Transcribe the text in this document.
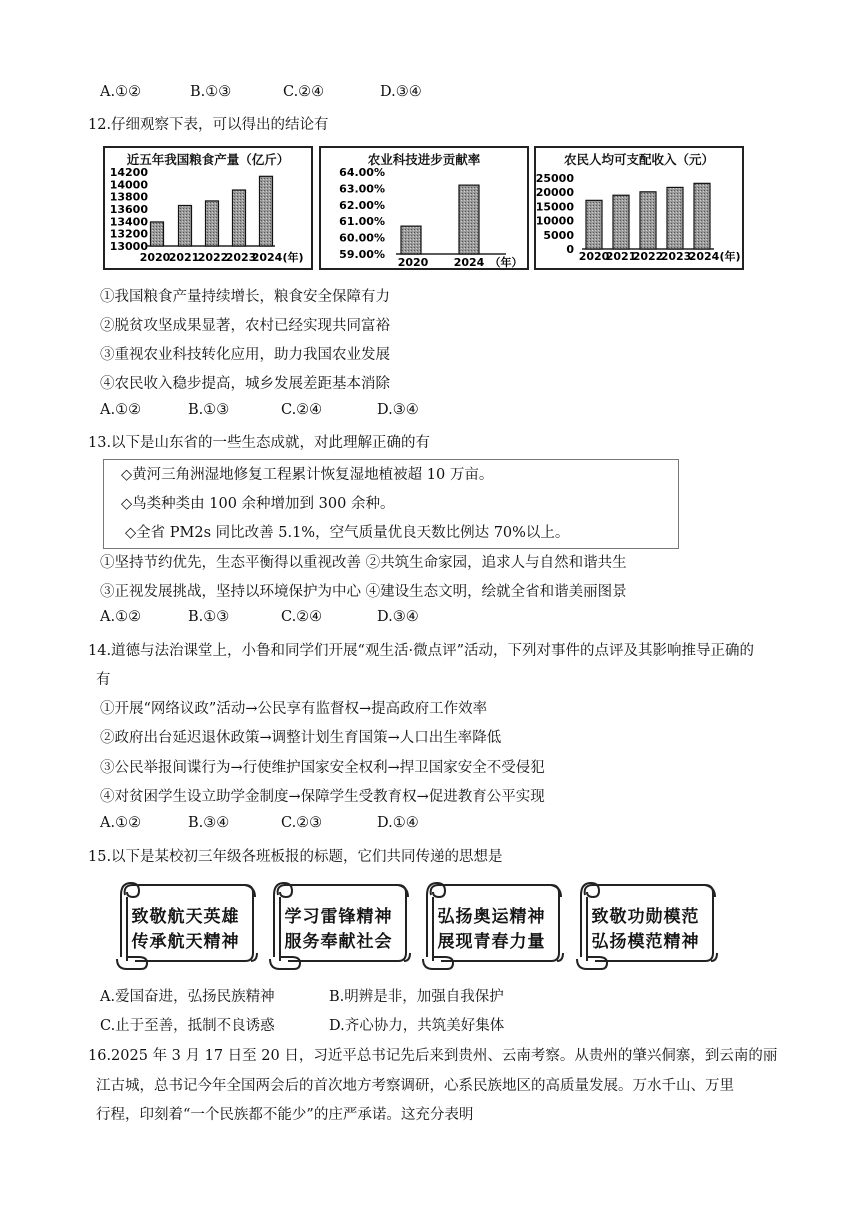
A.①②	B.①③	C.②④	D.③④
12.仔细观察下表，可以得出的结论有
近五年我国粮食产量（亿斤）
14200
14000
13800
13600
13400
13200
13000
2020
2021
2022
2023
2024 (年)
农业科技进步贡献率
64.00%
63.00%
62.00%
61.00%
60.00%
59.00%
2020 2024 （年）
农民人均可支配收入（元）
25000
20000
15000
10000
5000
0
2020
2021
2022
2023
2024 (年)
①我国粮食产量持续增长，粮食安全保障有力
②脱贫攻坚成果显著，农村已经实现共同富裕
③重视农业科技转化应用，助力我国农业发展
④农民收入稳步提高，城乡发展差距基本消除
A.①②	B.①③	C.②④	D.③④
13.以下是山东省的一些生态成就，对此理解正确的有
◇黄河三角洲湿地修复工程累计恢复湿地植被超 10 万亩。
◇鸟类种类由 100 余种增加到 300 余种。
◇全省 PM2s 同比改善 5.1%，空气质量优良天数比例达 70%以上。
①坚持节约优先，生态平衡得以重视改善 ②共筑生命家园，追求人与自然和谐共生
③正视发展挑战，坚持以环境保护为中心 ④建设生态文明，绘就全省和谐美丽图景
A.①②	B.①③	C.②④	D.③④
14.道德与法治课堂上，小鲁和同学们开展“观生活·微点评”活动，下列对事件的点评及其影响推导正确的
有
①开展“网络议政”活动→公民享有监督权→提高政府工作效率
②政府出台延迟退休政策→调整计划生育国策→人口出生率降低
③公民举报间谍行为→行使维护国家安全权利→捍卫国家安全不受侵犯
④对贫困学生设立助学金制度→保障学生受教育权→促进教育公平实现
A.①②	B.③④	C.②③	D.①④
15.以下是某校初三年级各班板报的标题，它们共同传递的思想是
致敬航天英雄
传承航天精神
学习雷锋精神
服务奉献社会
弘扬奥运精神
展现青春力量
致敬功勋模范
弘扬模范精神
A.爱国奋进，弘扬民族精神	B.明辨是非，加强自我保护
C.止于至善，抵制不良诱惑	D.齐心协力，共筑美好集体
16.2025 年 3 月 17 日至 20 日，习近平总书记先后来到贵州、云南考察。从贵州的肇兴侗寨，到云南的丽
江古城，总书记今年全国两会后的首次地方考察调研，心系民族地区的高质量发展。万水千山、万里
行程，印刻着“一个民族都不能少”的庄严承诺。这充分表明
